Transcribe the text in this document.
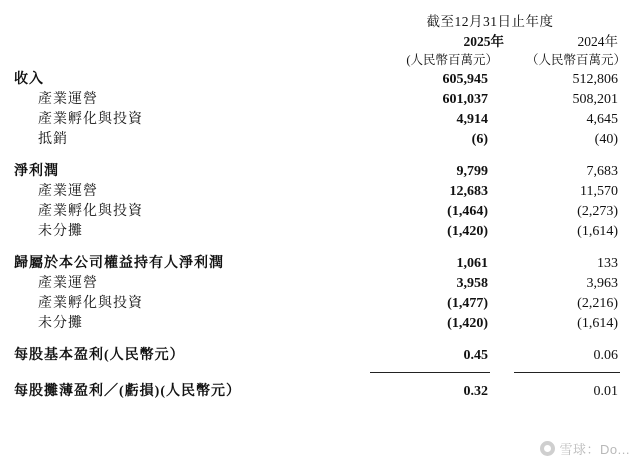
	截至12月31日止年度	
	2025年	2024年
	(人民幣百萬元）	（人民幣百萬元）
收入	605,945	512,806
產業運營	601,037	508,201
產業孵化與投資	4,914	4,645
抵銷	(6)	(40)

淨利潤	9,799	7,683
產業運營	12,683	11,570
產業孵化與投資	(1,464)	(2,273)
未分攤	(1,420)	(1,614)

歸屬於本公司權益持有人淨利潤	1,061	133
產業運營	3,958	3,963
產業孵化與投資	(1,477)	(2,216)
未分攤	(1,420)	(1,614)

每股基本盈利(人民幣元）	0.45	0.06

每股攤薄盈利／(虧損)(人民幣元）	0.32	0.01
雪球：Do...
